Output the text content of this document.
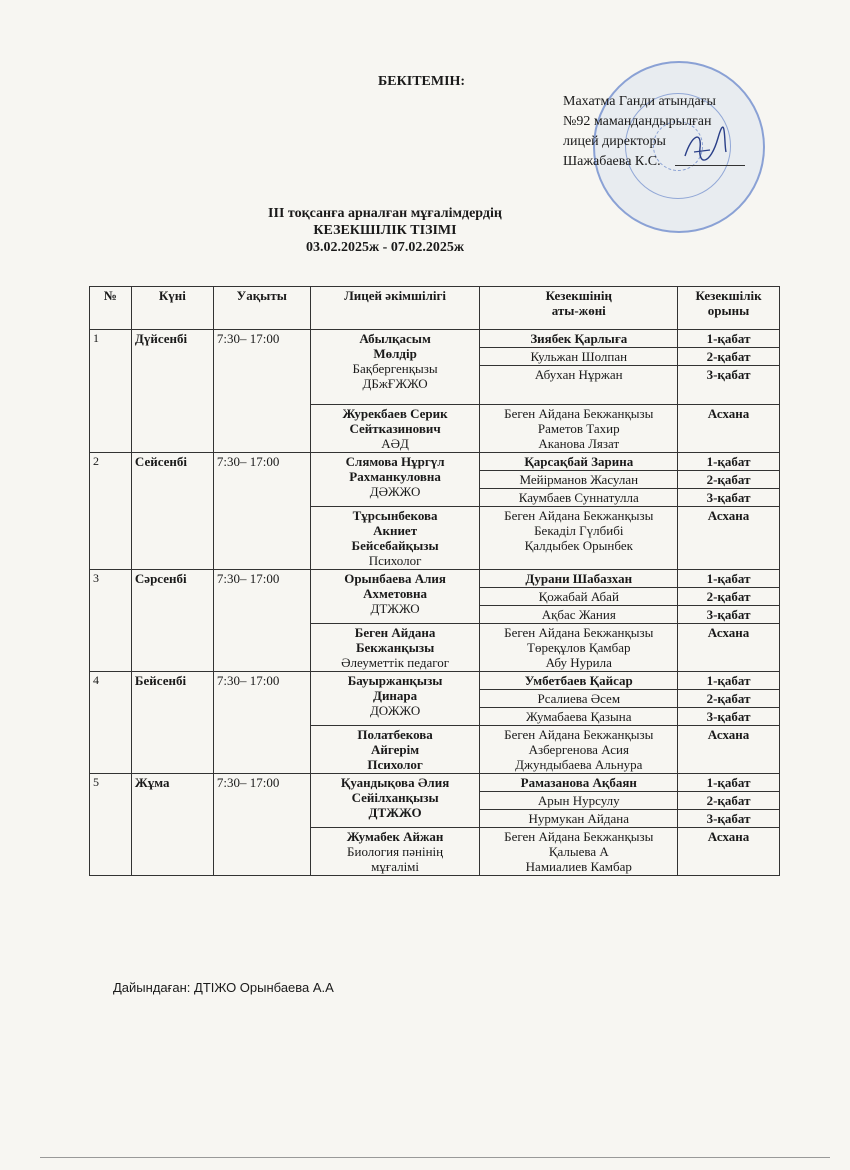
БЕКІТЕМІН:
Махатма Ганди атындағы
№92 мамандандырылған
лицей директоры
Шажабаева К.С.
ІІІ тоқсанға арналған мұғалімдердің
КЕЗЕКШІЛІК ТІЗІМІ
03.02.2025ж - 07.02.2025ж
№	Күні	Уақыты	Лицей әкімшілігі	Кезекшінің
аты-жөні	Кезекшілік
орыны
1	Дүйсенбі	7:30– 17:00	Абылқасым
Мөлдір
Бақбергенқызы
ДБжҒЖЖО	Зиябек Қарлыға	1-қабат
				Кульжан Шолпан	2-қабат
				Абухан Нұржан	3-қабат
			Журекбаев Серик
Сейтказинович
АӘД	Беген Айдана Бекжанқызы
Раметов Тахир
Аканова Лязат	Асхана
2	Сейсенбі	7:30– 17:00	Слямова Нұргүл
Рахманкуловна
ДӘЖЖО	Қарсақбай Зарина	1-қабат
				Мейірманов Жасулан	2-қабат
				Каумбаев Суннатулла	3-қабат
			Тұрсынбекова
Акниет
Бейсебайқызы
Психолог	Беген Айдана Бекжанқызы
Бекаділ Гүлбибі
Қалдыбек Орынбек	Асхана
3	Сәрсенбі	7:30– 17:00	Орынбаева Алия
Ахметовна
ДТЖЖО	Дурани Шабазхан	1-қабат
				Қожабай Абай	2-қабат
				Ақбас Жания	3-қабат
			Беген Айдана
Бекжанқызы
Әлеуметтік педагог	Беген Айдана Бекжанқызы
Төреқұлов Қамбар
Абу Нурила	Асхана
4	Бейсенбі	7:30– 17:00	Бауыржанқызы
Динара
ДОЖЖО	Умбетбаев Қайсар	1-қабат
				Рсалиева Әсем	2-қабат
				Жумабаева Қазына	3-қабат
			Полатбекова
Айгерім
Психолог	Беген Айдана Бекжанқызы
Азбергенова Асия
Джундыбаева Альнура	Асхана
5	Жұма	7:30– 17:00	Қуандықова Әлия
Сейілханқызы
ДТЖЖО	Рамазанова Ақбаян	1-қабат
				Арын Нурсулу	2-қабат
				Нурмукан Айдана	3-қабат
			Жумабек Айжан
Биология пәнінің
мұғалімі	Беген Айдана Бекжанқызы
Қалыева А
Намиалиев Камбар	Асхана
Дайындаған: ДТІЖО Орынбаева А.А
